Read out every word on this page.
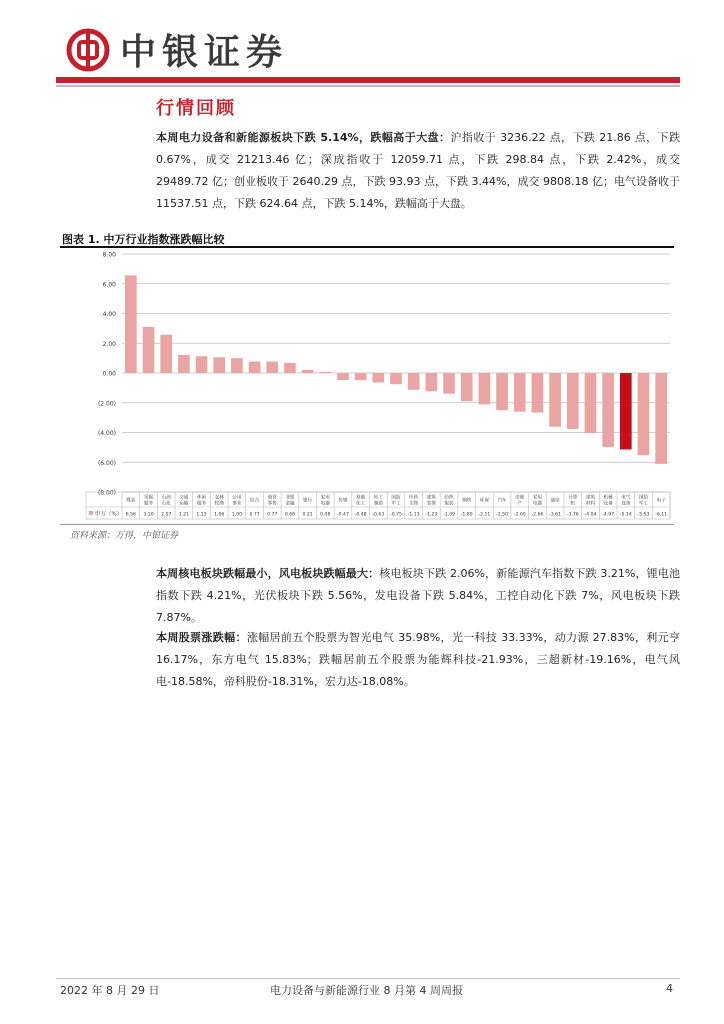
中银证券
行情回顾

本周电力设备和新能源板块下跌 5.14%，跌幅高于大盘：沪指收于 3236.22 点，下跌 21.86 点，下跌 0.67%，成交 21213.46 亿；深成指收于 12059.71 点，下跌 298.84 点，下跌 2.42%，成交 29489.72 亿；创业板收于 2640.29 点，下跌 93.93 点，下跌 3.44%，成交 9808.18 亿；电气设备收于 11537.51 点，下跌 624.64 点，下跌 5.14%，跌幅高于大盘。

图表 1. 中万行业指数涨跌幅比较
8.00
6.00
4.00
2.00
0.00
(2.00)
(4.00)
(6.00)
(8.00)
申万（%）
煤炭
6.56
采掘
服务
3.10
石油
石化
2.57
交通
运输
1.21
休闲
服务
1.13
农林
牧渔
1.06
公用
事业
1.00
综合
0.77
商贸
零售
0.77
非银
金融
0.68
银行
0.21
家用
电器
0.08
传媒
-0.47
基础
化工
-0.48
轻工
制造
-0.63
国防
军工
-0.75
医药
生物
-1.13
建筑
装饰
-1.23
纺织
服装
-1.39
钢铁
-1.89
环保
-2.11
汽车
-2.50
房地
产
-2.60
家用
电器
-2.66
通信
-3.61
计算
机
-3.76
建筑
材料
-4.04
机械
设备
-4.97
电气
设备
-5.14
国防
军工
-5.53
电子
-6.11
资料来源：万得，中银证券

本周核电板块跌幅最小，风电板块跌幅最大：核电板块下跌 2.06%，新能源汽车指数下跌 3.21%，锂电池指数下跌 4.21%，光伏板块下跌 5.56%，发电设备下跌 5.84%，工控自动化下跌 7%，风电板块下跌 7.87%。

本周股票涨跌幅：涨幅居前五个股票为智光电气 35.98%，光一科技 33.33%，动力源 27.83%，利元亨 16.17%，东方电气 15.83%；跌幅居前五个股票为能辉科技-21.93%，三超新材-19.16%，电气风电-18.58%，帝科股份-18.31%，宏力达-18.08%。

2022 年 8 月 29 日	电力设备与新能源行业 8 月第 4 周周报	4
